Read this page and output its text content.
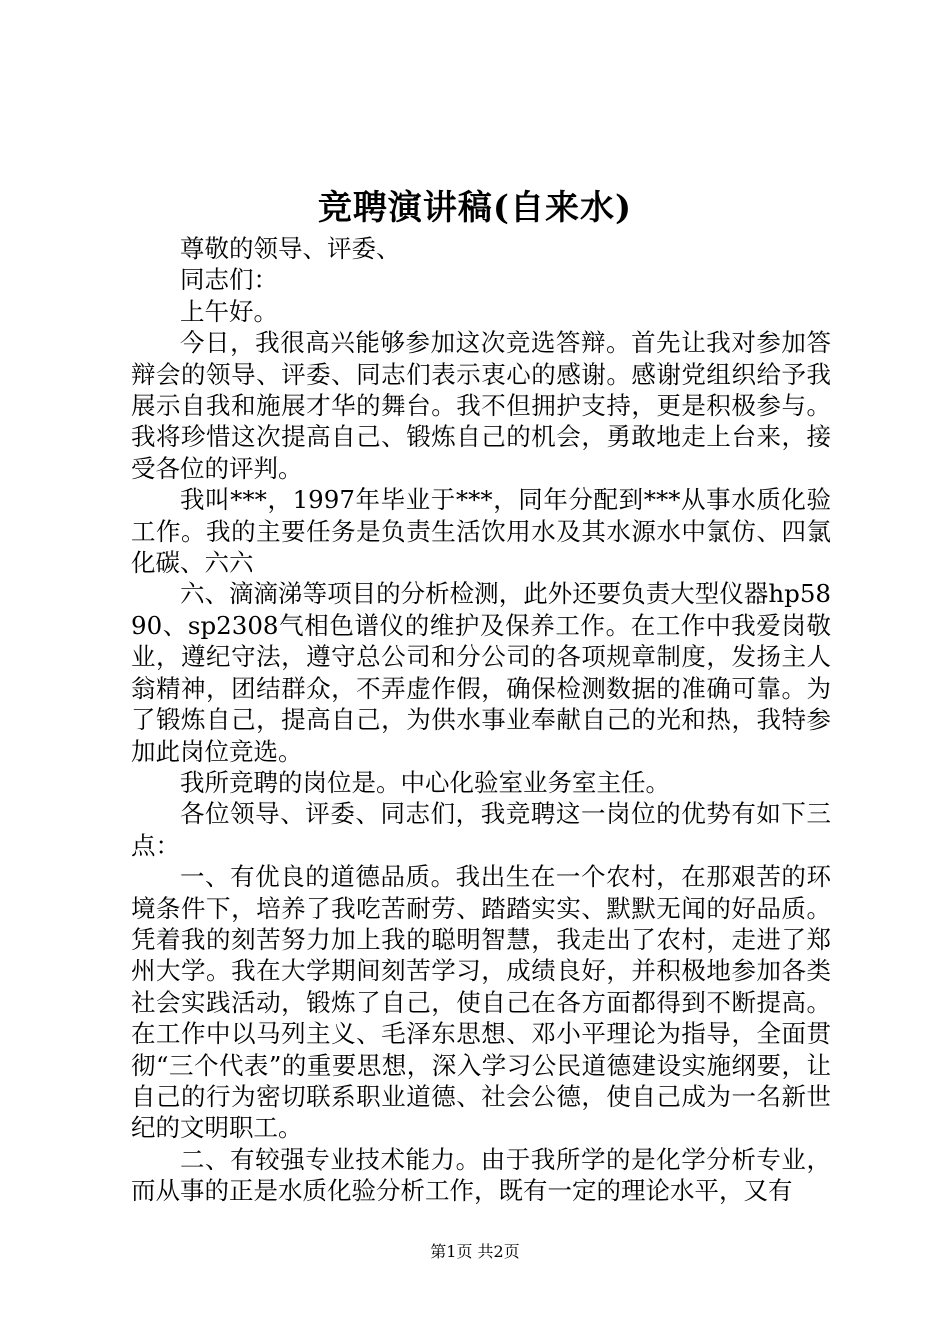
竞聘演讲稿(自来水)

尊敬的领导、评委、

同志们：

上午好。

今日，我很高兴能够参加这次竞选答辩。首先让我对参加答辩会的领导、评委、同志们表示衷心的感谢。感谢党组织给予我展示自我和施展才华的舞台。我不但拥护支持，更是积极参与。我将珍惜这次提高自己、锻炼自己的机会，勇敢地走上台来，接受各位的评判。

我叫***，1997年毕业于***，同年分配到***从事水质化验工作。我的主要任务是负责生活饮用水及其水源水中氯仿、四氯化碳、六六

六、滴滴涕等项目的分析检测，此外还要负责大型仪器hp5890、sp2308气相色谱仪的维护及保养工作。在工作中我爱岗敬业，遵纪守法，遵守总公司和分公司的各项规章制度，发扬主人翁精神，团结群众，不弄虚作假，确保检测数据的准确可靠。为了锻炼自己，提高自己，为供水事业奉献自己的光和热，我特参加此岗位竞选。

我所竞聘的岗位是。中心化验室业务室主任。

各位领导、评委、同志们，我竞聘这一岗位的优势有如下三点：

一、有优良的道德品质。我出生在一个农村，在那艰苦的环境条件下，培养了我吃苦耐劳、踏踏实实、默默无闻的好品质。凭着我的刻苦努力加上我的聪明智慧，我走出了农村，走进了郑州大学。我在大学期间刻苦学习，成绩良好，并积极地参加各类社会实践活动，锻炼了自己，使自己在各方面都得到不断提高。在工作中以马列主义、毛泽东思想、邓小平理论为指导，全面贯彻“三个代表”的重要思想，深入学习公民道德建设实施纲要，让自己的行为密切联系职业道德、社会公德，使自己成为一名新世纪的文明职工。

二、有较强专业技术能力。由于我所学的是化学分析专业，而从事的正是水质化验分析工作，既有一定的理论水平，又有

第1页 共2页
